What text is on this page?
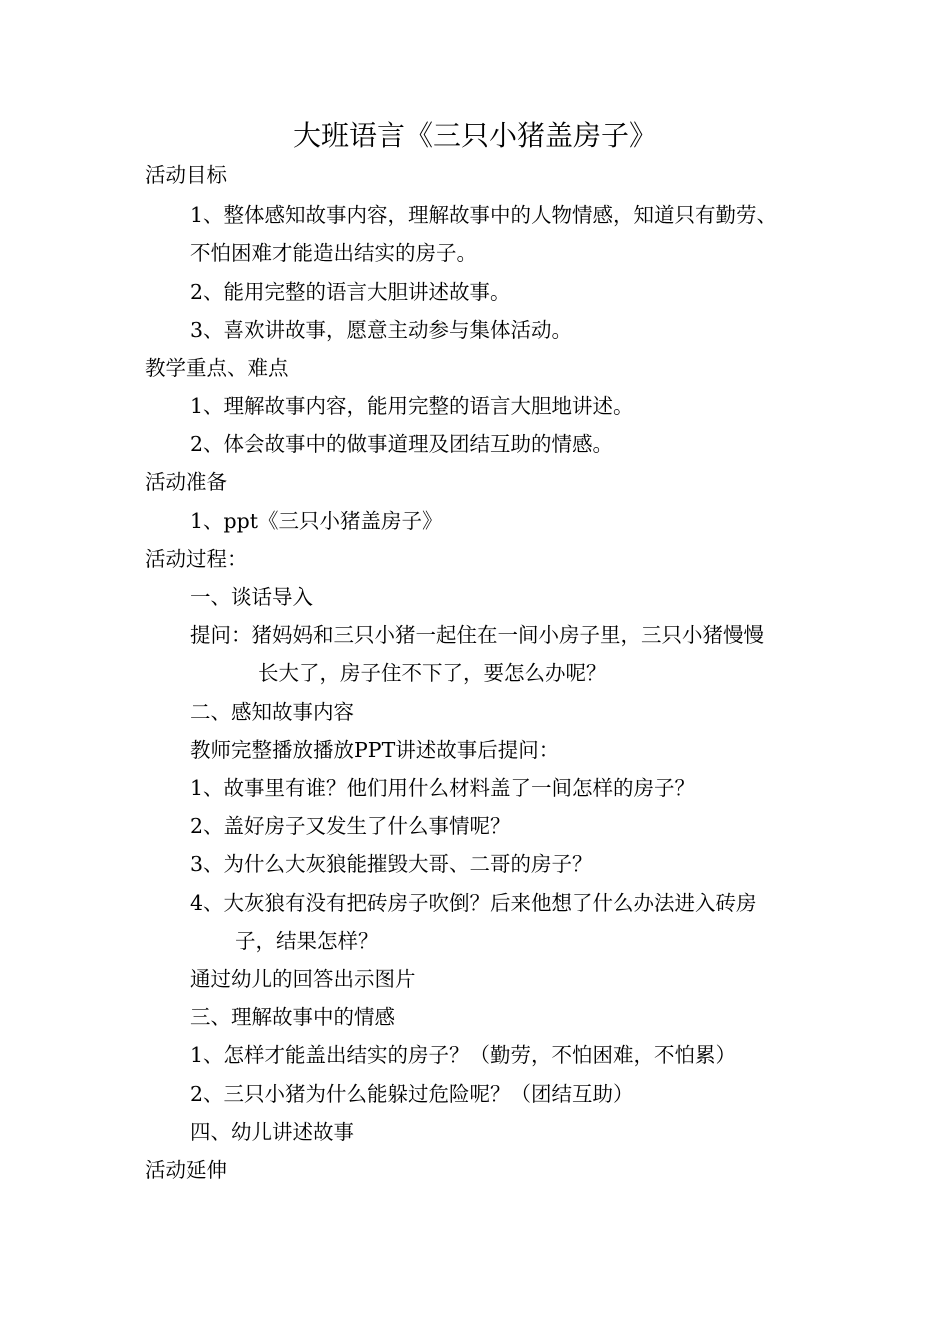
大班语言《三只小猪盖房子》
活动目标
1、整体感知故事内容，理解故事中的人物情感，知道只有勤劳、
不怕困难才能造出结实的房子。
2、能用完整的语言大胆讲述故事。
3、喜欢讲故事，愿意主动参与集体活动。
教学重点、难点
1、理解故事内容，能用完整的语言大胆地讲述。
2、体会故事中的做事道理及团结互助的情感。
活动准备
1、ppt《三只小猪盖房子》
活动过程：
一、谈话导入
提问：猪妈妈和三只小猪一起住在一间小房子里，三只小猪慢慢
长大了，房子住不下了，要怎么办呢？
二、感知故事内容
教师完整播放播放PPT讲述故事后提问：
1、故事里有谁？他们用什么材料盖了一间怎样的房子？
2、盖好房子又发生了什么事情呢？
3、为什么大灰狼能摧毁大哥、二哥的房子？
4、大灰狼有没有把砖房子吹倒？后来他想了什么办法进入砖房
子，结果怎样？
通过幼儿的回答出示图片
三、理解故事中的情感
1、怎样才能盖出结实的房子？（勤劳，不怕困难，不怕累）
2、三只小猪为什么能躲过危险呢？（团结互助）
四、幼儿讲述故事
活动延伸
